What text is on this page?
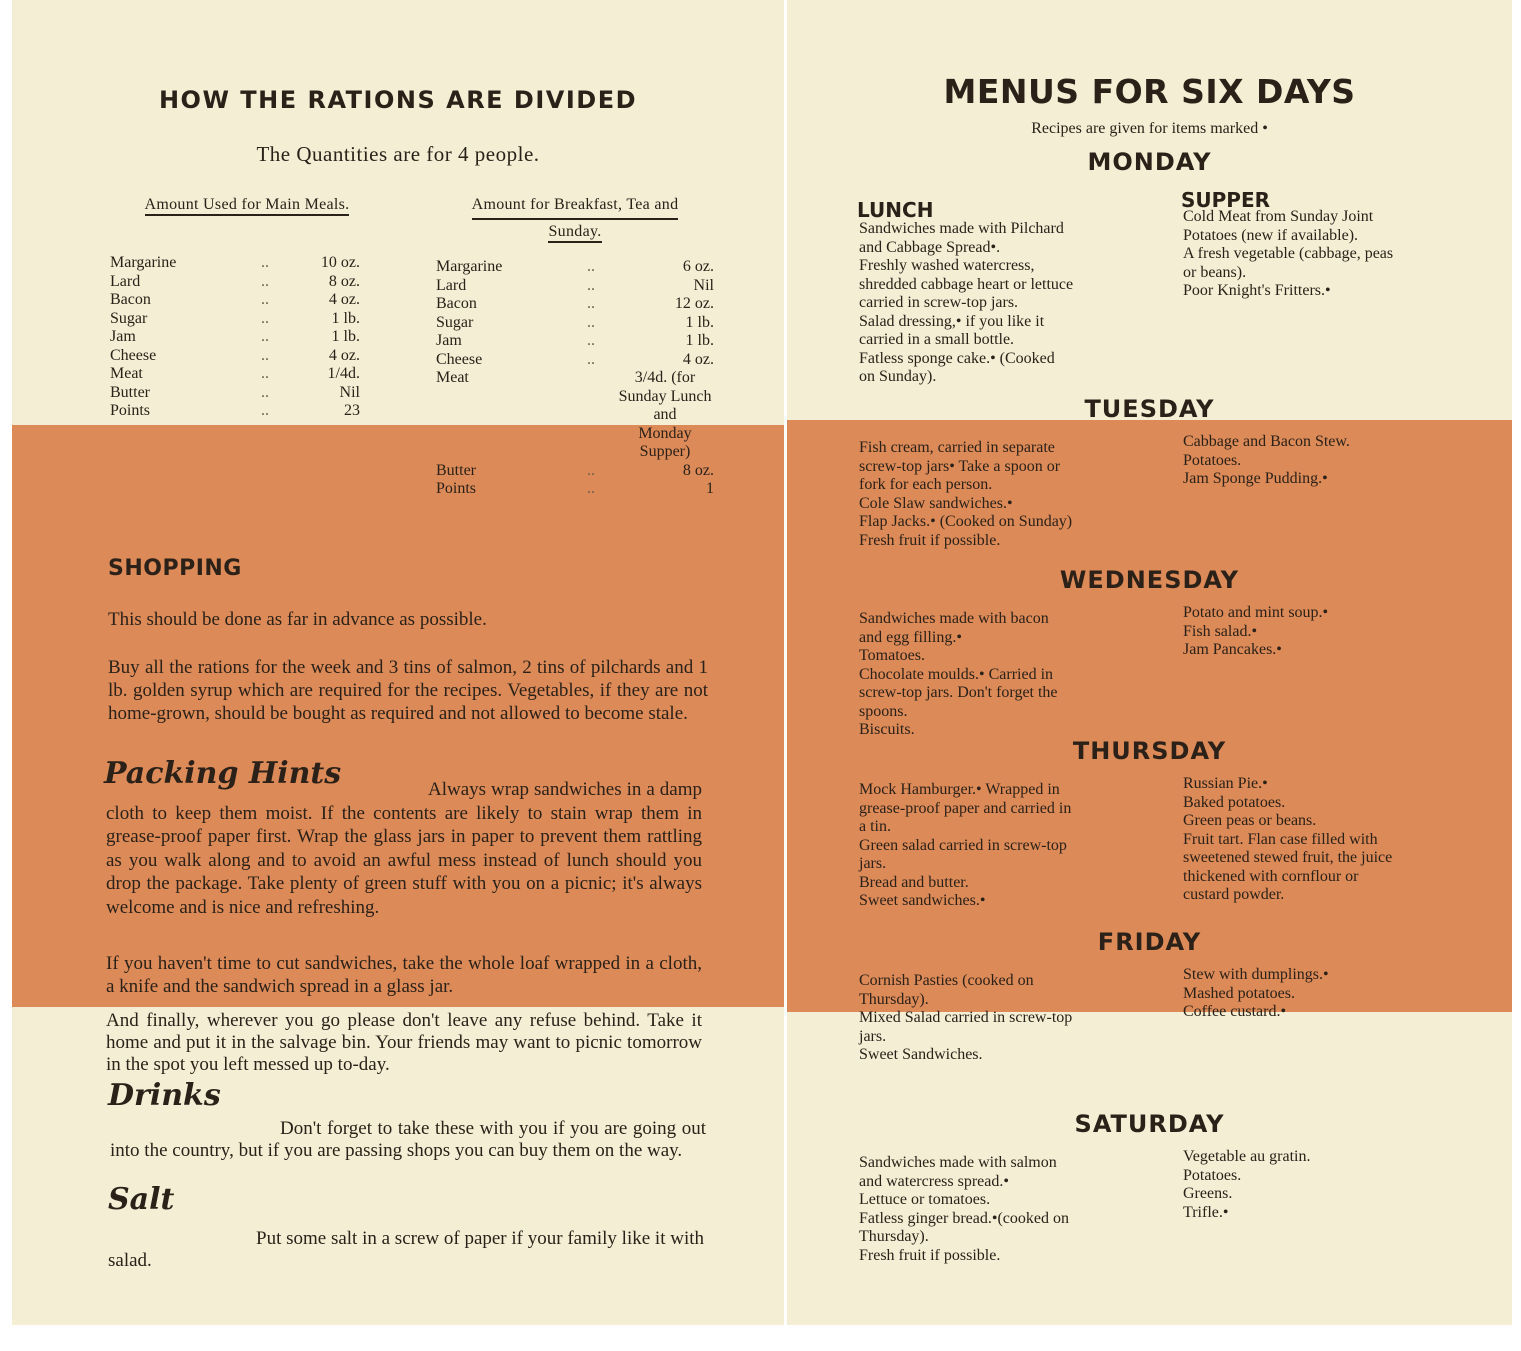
HOW THE RATIONS ARE DIVIDED
The Quantities are for 4 people.
Amount Used for Main Meals.
Margarine	..	10 oz.
Lard	..	8 oz.
Bacon	..	4 oz.
Sugar	..	1 lb.
Jam	..	1 lb.
Cheese	..	4 oz.
Meat	..	1/4d.
Butter	..	Nil
Points	..	23
Amount for Breakfast, Tea and
Sunday.
Margarine	..	6 oz.
Lard	..	Nil
Bacon	..	12 oz.
Sugar	..	1 lb.
Jam	..	1 lb.
Cheese	..	4 oz.
Meat	3/4d. (for
Sunday Lunch
and
Monday Supper)	

Butter	..	8 oz.
Points	..	1
SHOPPING
This should be done as far in advance as possible.
Buy all the rations for the week and 3 tins of salmon, 2 tins of pilchards and 1 lb. golden syrup which are required for the recipes. Vegetables, if they are not home-grown, should be bought as required and not allowed to become stale.
Packing Hints	Always wrap sandwiches in a damp cloth to keep them moist. If the contents are likely to stain wrap them in grease-proof paper first. Wrap the glass jars in paper to prevent them rattling as you walk along and to avoid an awful mess instead of lunch should you drop the package. Take plenty of green stuff with you on a picnic; it's always welcome and is nice and refreshing.
If you haven't time to cut sandwiches, take the whole loaf wrapped in a cloth, a knife and the sandwich spread in a glass jar.
And finally, wherever you go please don't leave any refuse behind. Take it home and put it in the salvage bin. Your friends may want to picnic tomorrow in the spot you left messed up to-day.
Drinks
Don't forget to take these with you if you are going out into the country, but if you are passing shops you can buy them on the way.
Salt
Put some salt in a screw of paper if your family like it with salad.
MENUS FOR SIX DAYS
Recipes are given for items marked •
MONDAY
LUNCH	SUPPER
Sandwiches made with Pilchard
and Cabbage Spread•.
Freshly washed watercress,
shredded cabbage heart or lettuce
carried in screw-top jars.
Salad dressing,• if you like it
carried in a small bottle.
Fatless sponge cake.• (Cooked
on Sunday).
Cold Meat from Sunday Joint
Potatoes (new if available).
A fresh vegetable (cabbage, peas
or beans).
Poor Knight's Fritters.•
TUESDAY
Fish cream, carried in separate
screw-top jars• Take a spoon or
fork for each person.
Cole Slaw sandwiches.•
Flap Jacks.• (Cooked on Sunday)
Fresh fruit if possible.
Cabbage and Bacon Stew.
Potatoes.
Jam Sponge Pudding.•
WEDNESDAY
Sandwiches made with bacon
and egg filling.•
Tomatoes.
Chocolate moulds.• Carried in
screw-top jars. Don't forget the
spoons.
Biscuits.
Potato and mint soup.•
Fish salad.•
Jam Pancakes.•
THURSDAY
Mock Hamburger.• Wrapped in
grease-proof paper and carried in
a tin.
Green salad carried in screw-top
jars.
Bread and butter.
Sweet sandwiches.•
Russian Pie.•
Baked potatoes.
Green peas or beans.
Fruit tart. Flan case filled with
sweetened stewed fruit, the juice
thickened with cornflour or
custard powder.
FRIDAY
Cornish Pasties (cooked on
Thursday).
Mixed Salad carried in screw-top
jars.
Sweet Sandwiches.
Stew with dumplings.•
Mashed potatoes.
Coffee custard.•
SATURDAY
Sandwiches made with salmon
and watercress spread.•
Lettuce or tomatoes.
Fatless ginger bread.•(cooked on
Thursday).
Fresh fruit if possible.
Vegetable au gratin.
Potatoes.
Greens.
Trifle.•
